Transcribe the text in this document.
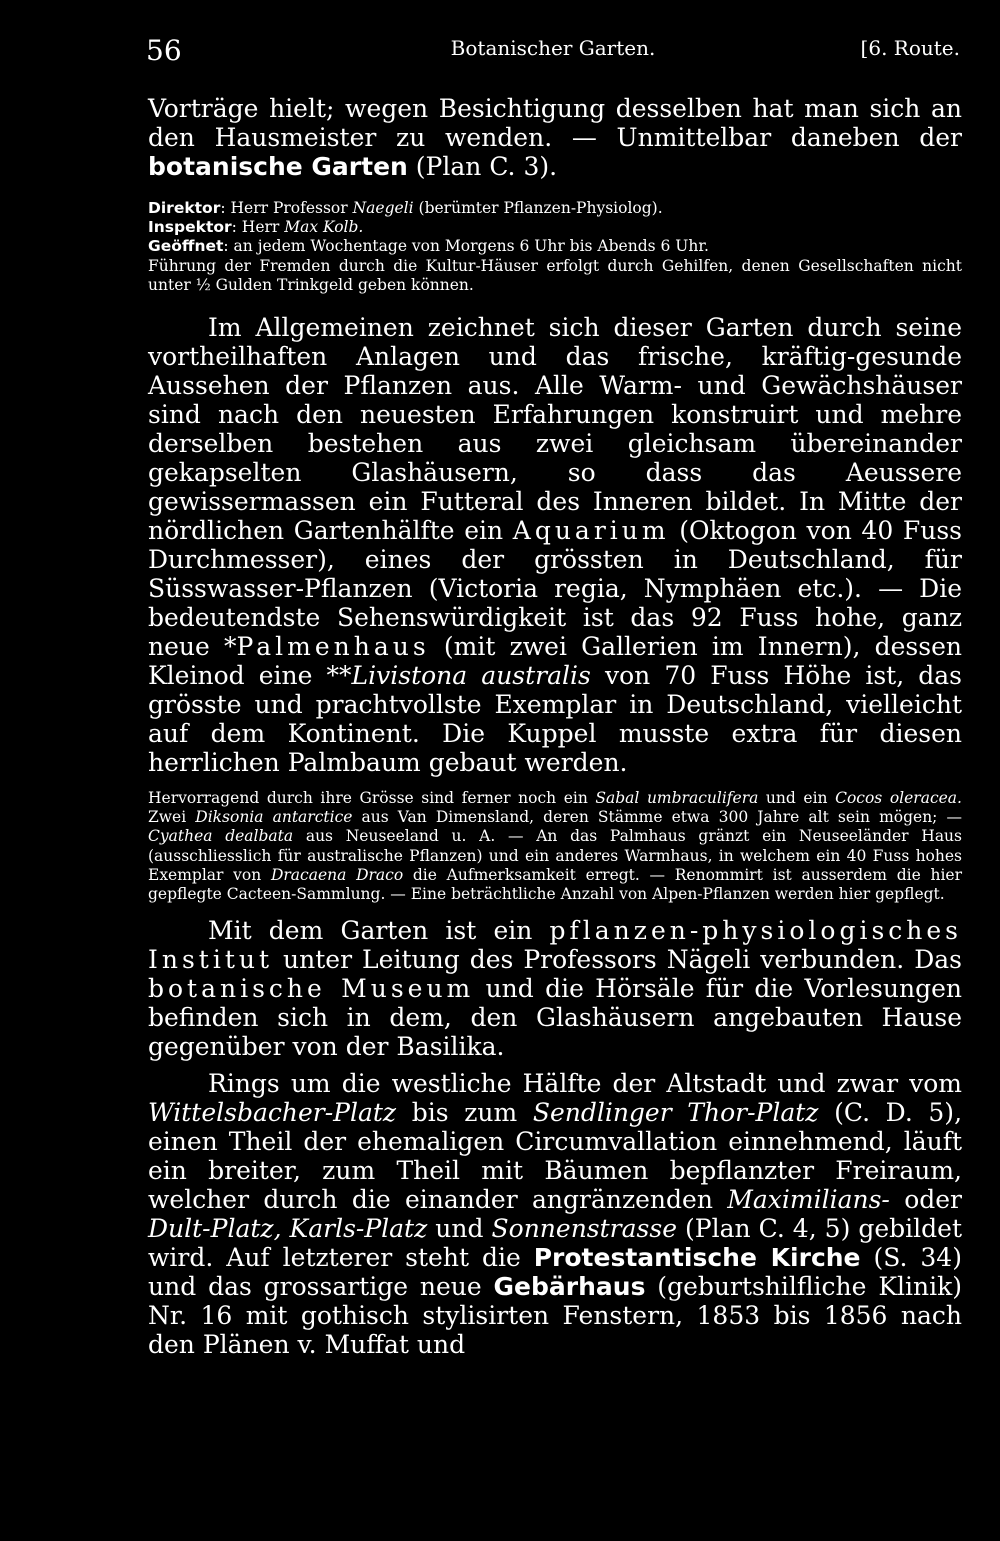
56	Botanischer Garten.	[6. Route.

Vorträge hielt; wegen Besichtigung desselben hat man sich an den Hausmeister zu wenden. — Unmittelbar daneben der botanische Garten (Plan C. 3).

Direktor: Herr Professor Naegeli (berümter Pflanzen-Physiolog).

Inspektor: Herr Max Kolb.

Geöffnet: an jedem Wochentage von Morgens 6 Uhr bis Abends 6 Uhr.

Führung der Fremden durch die Kultur-Häuser erfolgt durch Gehilfen, denen Gesellschaften nicht unter ½ Gulden Trinkgeld geben können.

Im Allgemeinen zeichnet sich dieser Garten durch seine vortheilhaften Anlagen und das frische, kräftig-gesunde Aussehen der Pflanzen aus. Alle Warm- und Gewächshäuser sind nach den neuesten Erfahrungen konstruirt und mehre derselben bestehen aus zwei gleichsam übereinander gekapselten Glashäusern, so dass das Aeussere gewissermassen ein Futteral des Inneren bildet. In Mitte der nördlichen Gartenhälfte ein Aquarium (Oktogon von 40 Fuss Durchmesser), eines der grössten in Deutschland, für Süsswasser-Pflanzen (Victoria regia, Nymphäen etc.). — Die bedeutendste Sehenswürdigkeit ist das 92 Fuss hohe, ganz neue *Palmenhaus (mit zwei Gallerien im Innern), dessen Kleinod eine **Livistona australis von 70 Fuss Höhe ist, das grösste und prachtvollste Exemplar in Deutschland, vielleicht auf dem Kontinent. Die Kuppel musste extra für diesen herrlichen Palmbaum gebaut werden.

Hervorragend durch ihre Grösse sind ferner noch ein Sabal umbraculifera und ein Cocos oleracea. Zwei Diksonia antarctice aus Van Dimensland, deren Stämme etwa 300 Jahre alt sein mögen; — Cyathea dealbata aus Neuseeland u. A. — An das Palmhaus gränzt ein Neuseeländer Haus (ausschliesslich für australische Pflanzen) und ein anderes Warmhaus, in welchem ein 40 Fuss hohes Exemplar von Dracaena Draco die Aufmerksamkeit erregt. — Renommirt ist ausserdem die hier gepflegte Cacteen-Sammlung. — Eine beträchtliche Anzahl von Alpen-Pflanzen werden hier gepflegt.

Mit dem Garten ist ein pflanzen-physiologisches Institut unter Leitung des Professors Nägeli verbunden. Das botanische Museum und die Hörsäle für die Vorlesungen befinden sich in dem, den Glashäusern angebauten Hause gegenüber von der Basilika.

Rings um die westliche Hälfte der Altstadt und zwar vom Wittelsbacher-Platz bis zum Sendlinger Thor-Platz (C. D. 5), einen Theil der ehemaligen Circumvallation einnehmend, läuft ein breiter, zum Theil mit Bäumen bepflanzter Freiraum, welcher durch die einander angränzenden Maximilians- oder Dult-Platz, Karls-Platz und Sonnenstrasse (Plan C. 4, 5) gebildet wird. Auf letzterer steht die Protestantische Kirche (S. 34) und das grossartige neue Gebärhaus (geburtshilfliche Klinik) Nr. 16 mit gothisch stylisirten Fenstern, 1853 bis 1856 nach den Plänen v. Muffat und
